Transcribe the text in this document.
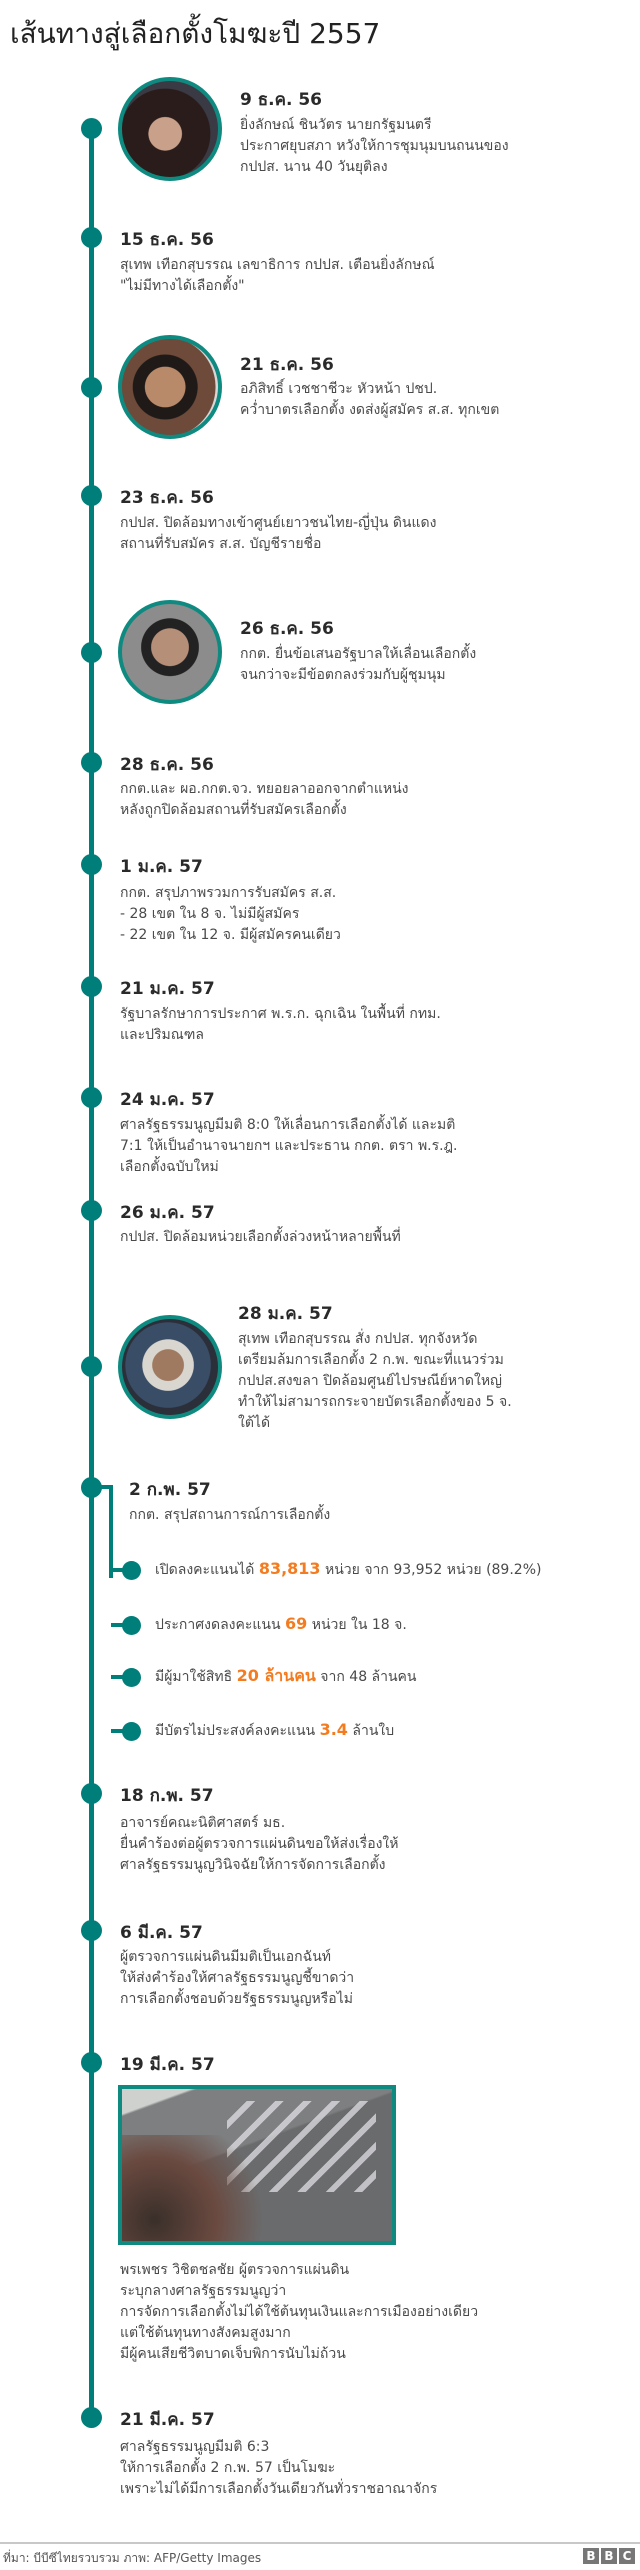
เส้นทางสู่เลือกตั้งโมฆะปี 2557
9 ธ.ค. 56
ยิ่งลักษณ์ ชินวัตร นายกรัฐมนตรี
ประกาศยุบสภา หวังให้การชุมนุมบนถนนของ
กปปส. นาน 40 วันยุติลง
15 ธ.ค. 56
สุเทพ เทือกสุบรรณ เลขาธิการ กปปส. เตือนยิ่งลักษณ์
"ไม่มีทางได้เลือกตั้ง"
21 ธ.ค. 56
อภิสิทธิ์ เวชชาชีวะ หัวหน้า ปชป.
คว่ำบาตรเลือกตั้ง งดส่งผู้สมัคร ส.ส. ทุกเขต
23 ธ.ค. 56
กปปส. ปิดล้อมทางเข้าศูนย์เยาวชนไทย-ญี่ปุ่น ดินแดง
สถานที่รับสมัคร ส.ส. บัญชีรายชื่อ
26 ธ.ค. 56
กกต. ยื่นข้อเสนอรัฐบาลให้เลื่อนเลือกตั้ง
จนกว่าจะมีข้อตกลงร่วมกับผู้ชุมนุม
28 ธ.ค. 56
กกต.และ ผอ.กกต.จว. ทยอยลาออกจากตำแหน่ง
หลังถูกปิดล้อมสถานที่รับสมัครเลือกตั้ง
1 ม.ค. 57
กกต. สรุปภาพรวมการรับสมัคร ส.ส.
- 28 เขต ใน 8 จ. ไม่มีผู้สมัคร
- 22 เขต ใน 12 จ. มีผู้สมัครคนเดียว
21 ม.ค. 57
รัฐบาลรักษาการประกาศ พ.ร.ก. ฉุกเฉิน ในพื้นที่ กทม.
และปริมณฑล
24 ม.ค. 57
ศาลรัฐธรรมนูญมีมติ 8:0 ให้เลื่อนการเลือกตั้งได้ และมติ
7:1 ให้เป็นอำนาจนายกฯ และประธาน กกต. ตรา พ.ร.ฎ.
เลือกตั้งฉบับใหม่
26 ม.ค. 57
กปปส. ปิดล้อมหน่วยเลือกตั้งล่วงหน้าหลายพื้นที่
28 ม.ค. 57
สุเทพ เทือกสุบรรณ สั่ง กปปส. ทุกจังหวัด
เตรียมล้มการเลือกตั้ง 2 ก.พ. ขณะที่แนวร่วม
กปปส.สงขลา ปิดล้อมศูนย์ไปรษณีย์หาดใหญ่
ทำให้ไม่สามารถกระจายบัตรเลือกตั้งของ 5 จ.
ใต้ได้
2 ก.พ. 57
กกต. สรุปสถานการณ์การเลือกตั้ง
เปิดลงคะแนนได้ 83,813 หน่วย จาก 93,952 หน่วย (89.2%)
ประกาศงดลงคะแนน 69 หน่วย ใน 18 จ.
มีผู้มาใช้สิทธิ 20 ล้านคน จาก 48 ล้านคน
มีบัตรไม่ประสงค์ลงคะแนน 3.4 ล้านใบ
18 ก.พ. 57
อาจารย์คณะนิติศาสตร์ มธ.
ยื่นคำร้องต่อผู้ตรวจการแผ่นดินขอให้ส่งเรื่องให้
ศาลรัฐธรรมนูญวินิจฉัยให้การจัดการเลือกตั้ง
6 มี.ค. 57
ผู้ตรวจการแผ่นดินมีมติเป็นเอกฉันท์
ให้ส่งคำร้องให้ศาลรัฐธรรมนูญชี้ขาดว่า
การเลือกตั้งชอบด้วยรัฐธรรมนูญหรือไม่
19 มี.ค. 57
พรเพชร วิชิตชลชัย ผู้ตรวจการแผ่นดิน
ระบุกลางศาลรัฐธรรมนูญว่า
การจัดการเลือกตั้งไม่ได้ใช้ต้นทุนเงินและการเมืองอย่างเดียว
แต่ใช้ต้นทุนทางสังคมสูงมาก
มีผู้คนเสียชีวิตบาดเจ็บพิการนับไม่ถ้วน
21 มี.ค. 57
ศาลรัฐธรรมนูญมีมติ 6:3
ให้การเลือกตั้ง 2 ก.พ. 57 เป็นโมฆะ
เพราะไม่ได้มีการเลือกตั้งวันเดียวกันทั่วราชอาณาจักร
ที่มา: บีบีซีไทยรวบรวม ภาพ: AFP/Getty Images	B B C
